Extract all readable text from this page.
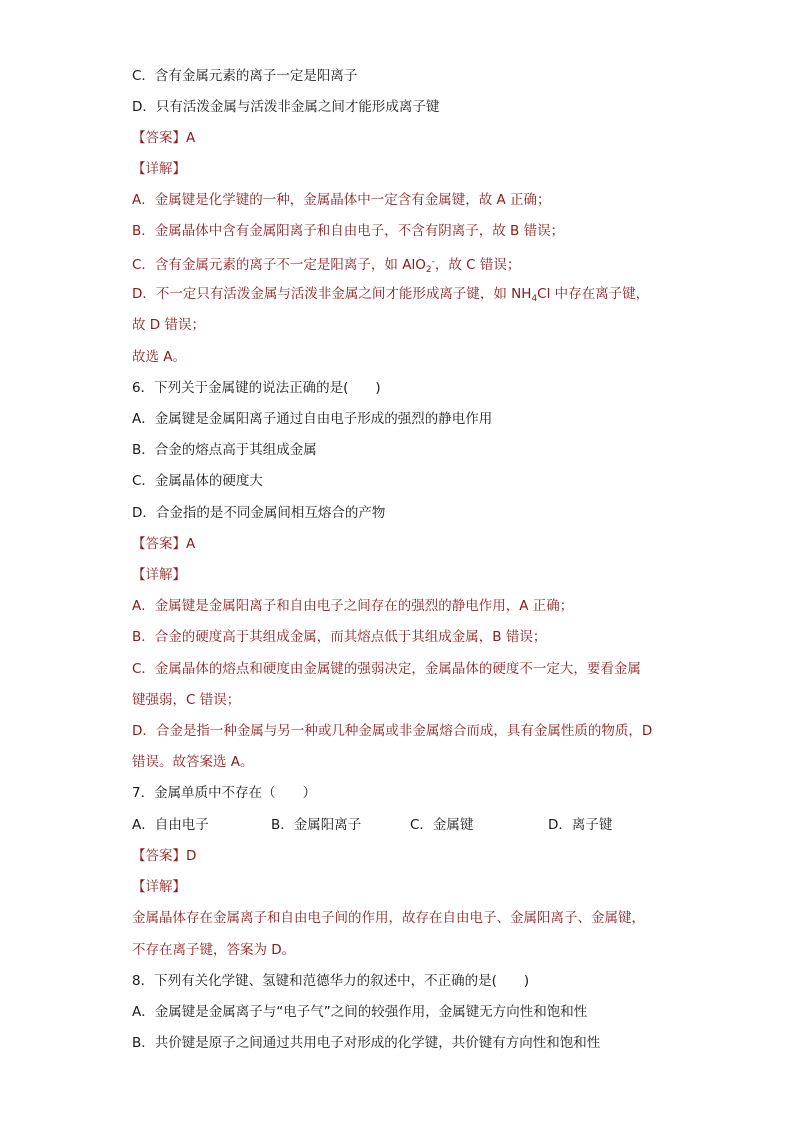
C．含有金属元素的离子一定是阳离子
D．只有活泼金属与活泼非金属之间才能形成离子键
【答案】A
【详解】
A．金属键是化学键的一种，金属晶体中一定含有金属键，故 A 正确；
B．金属晶体中含有金属阳离子和自由电子，不含有阴离子，故 B 错误；
C．含有金属元素的离子不一定是阳离子，如 AlO$_2$-，故 C 错误；
D．不一定只有活泼金属与活泼非金属之间才能形成离子键，如 $NH_4Cl$ 中存在离子键，
故 D 错误；
故选 A。
6．下列关于金属键的说法正确的是(　　)
A．金属键是金属阳离子通过自由电子形成的强烈的静电作用
B．合金的熔点高于其组成金属
C．金属晶体的硬度大
D．合金指的是不同金属间相互熔合的产物
【答案】A
【详解】
A．金属键是金属阳离子和自由电子之间存在的强烈的静电作用，A 正确；
B．合金的硬度高于其组成金属，而其熔点低于其组成金属，B 错误；
C．金属晶体的熔点和硬度由金属键的强弱决定，金属晶体的硬度不一定大，要看金属
键强弱，C 错误；
D．合金是指一种金属与另一种或几种金属或非金属熔合而成，具有金属性质的物质，D
错误。故答案选 A。
7．金属单质中不存在（　　）
A．自由电子	B．金属阳离子	C．金属键	D．离子键
【答案】D
【详解】
金属晶体存在金属离子和自由电子间的作用，故存在自由电子、金属阳离子、金属键，
不存在离子键，答案为 D。
8．下列有关化学键、氢键和范德华力的叙述中，不正确的是(　　)
A．金属键是金属离子与“电子气”之间的较强作用，金属键无方向性和饱和性
B．共价键是原子之间通过共用电子对形成的化学键，共价键有方向性和饱和性
